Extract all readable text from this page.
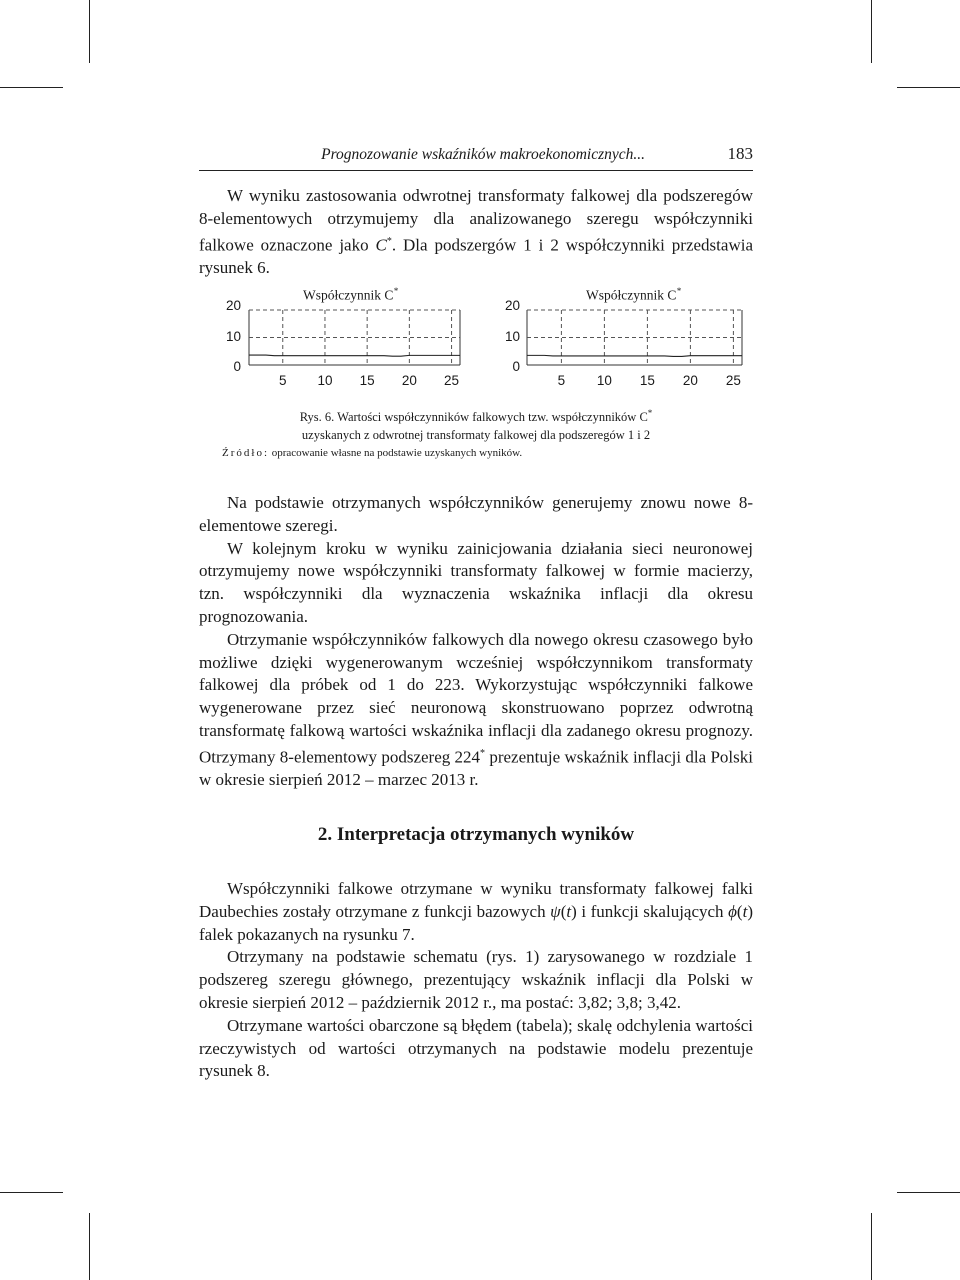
Prognozowanie wskaźników makroekonomicznych...	183

W wyniku zastosowania odwrotnej transformaty falkowej dla podszeregów 8-elementowych otrzymujemy dla analizowanego szeregu współczynniki falkowe oznaczone jako C*. Dla podszergów 1 i 2 współczynniki przedstawia rysunek 6.

Współczynnik C*	Współczynnik C*
20
10
0
20
10
0
5 10 15 20 25	5 10 15 20 25
Rys. 6. Wartości współczynników falkowych tzw. współczynników C*
uzyskanych z odwrotnej transformaty falkowej dla podszeregów 1 i 2
Źródło: opracowanie własne na podstawie uzyskanych wyników.

Na podstawie otrzymanych współczynników generujemy znowu nowe 8-elementowe szeregi.

W kolejnym kroku w wyniku zainicjowania działania sieci neuronowej otrzymujemy nowe współczynniki transformaty falkowej w formie macierzy, tzn. współczynniki dla wyznaczenia wskaźnika inflacji dla okresu prognozowania.

Otrzymanie współczynników falkowych dla nowego okresu czasowego było możliwe dzięki wygenerowanym wcześniej współczynnikom transformaty falkowej dla próbek od 1 do 223. Wykorzystując współczynniki falkowe wygenerowane przez sieć neuronową skonstruowano poprzez odwrotną transformatę falkową wartości wskaźnika inflacji dla zadanego okresu prognozy. Otrzymany 8-elementowy podszereg 224* prezentuje wskaźnik inflacji dla Polski w okresie sierpień 2012 – marzec 2013 r.

2. Interpretacja otrzymanych wyników

Współczynniki falkowe otrzymane w wyniku transformaty falkowej falki Daubechies zostały otrzymane z funkcji bazowych ψ(t) i funkcji skalujących ϕ(t) falek pokazanych na rysunku 7.

Otrzymany na podstawie schematu (rys. 1) zarysowanego w rozdziale 1 podszereg szeregu głównego, prezentujący wskaźnik inflacji dla Polski w okresie sierpień 2012 – październik 2012 r., ma postać: 3,82; 3,8; 3,42.

Otrzymane wartości obarczone są błędem (tabela); skalę odchylenia wartości rzeczywistych od wartości otrzymanych na podstawie modelu prezentuje rysunek 8.
